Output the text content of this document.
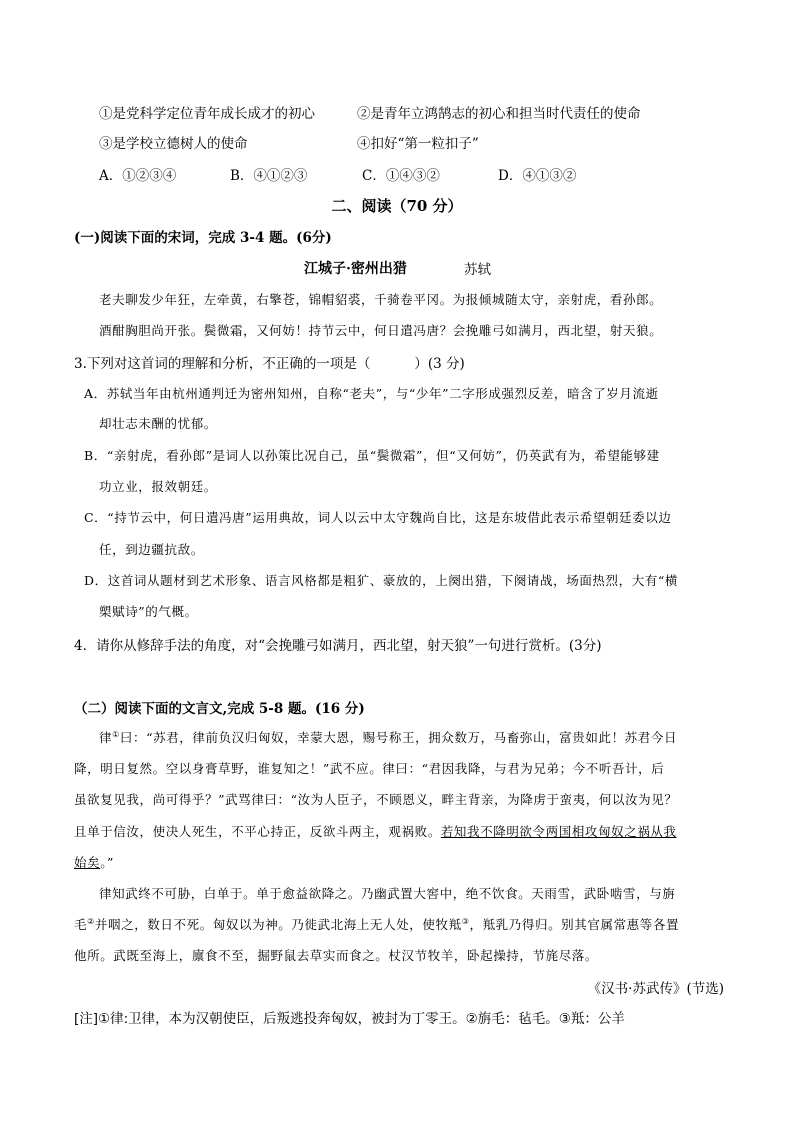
①是党科学定位青年成长成才的初心	②是青年立鸿鹄志的初心和担当时代责任的使命
③是学校立德树人的使命	④扣好“第一粒扣子”
A．①②③④	B．④①②③	C．①④③②	D．④①③②
二、阅读（70 分）
(一)阅读下面的宋词，完成 3-4 题。(6分)
江城子·密州出猎	苏轼
老夫聊发少年狂，左牵黄，右擎苍，锦帽貂裘，千骑卷平冈。为报倾城随太守，亲射虎，看孙郎。
酒酣胸胆尚开张。鬓微霜，又何妨！持节云中，何日遣冯唐？会挽雕弓如满月，西北望，射天狼。
3.下列对这首词的理解和分析，不正确的一项是（	）(3 分)
A．苏轼当年由杭州通判迁为密州知州，自称“老夫”，与“少年”二字形成强烈反差，暗含了岁月流逝
却壮志未酬的忧郁。
B．“亲射虎，看孙郎”是词人以孙策比况自己，虽“鬓微霜”，但“又何妨”，仍英武有为，希望能够建
功立业，报效朝廷。
C．“持节云中，何日遣冯唐”运用典故，词人以云中太守魏尚自比，这是东坡借此表示希望朝廷委以边
任，到边疆抗敌。
D．这首词从题材到艺术形象、语言风格都是粗犷、豪放的，上阕出猎，下阕请战，场面热烈，大有“横
槊赋诗”的气概。
4．请你从修辞手法的角度，对“会挽雕弓如满月，西北望，射天狼”一句进行赏析。(3分)
（二）阅读下面的文言文,完成 5-8 题。(16 分)
律①曰：“苏君，律前负汉归匈奴，幸蒙大恩，赐号称王，拥众数万，马畜弥山，富贵如此！苏君今日
降，明日复然。空以身膏草野，谁复知之！”武不应。律曰：“君因我降，与君为兄弟；今不听吾计，后
虽欲复见我，尚可得乎？”武骂律曰：“汝为人臣子，不顾恩义，畔主背亲，为降虏于蛮夷，何以汝为见？
且单于信汝，使决人死生，不平心持正，反欲斗两主，观祸败。若知我不降明欲令两国相攻匈奴之祸从我
始矣。”
律知武终不可胁，白单于。单于愈益欲降之。乃幽武置大窖中，绝不饮食。天雨雪，武卧啮雪，与旃
毛②并咽之，数日不死。匈奴以为神。乃徙武北海上无人处，使牧羝③，羝乳乃得归。别其官属常惠等各置
他所。武既至海上，廪食不至，掘野鼠去草实而食之。杖汉节牧羊，卧起操持，节旄尽落。
《汉书·苏武传》(节选)
[注]①律:卫律，本为汉朝使臣，后叛逃投奔匈奴，被封为丁零王。②旃毛：毡毛。③羝：公羊
